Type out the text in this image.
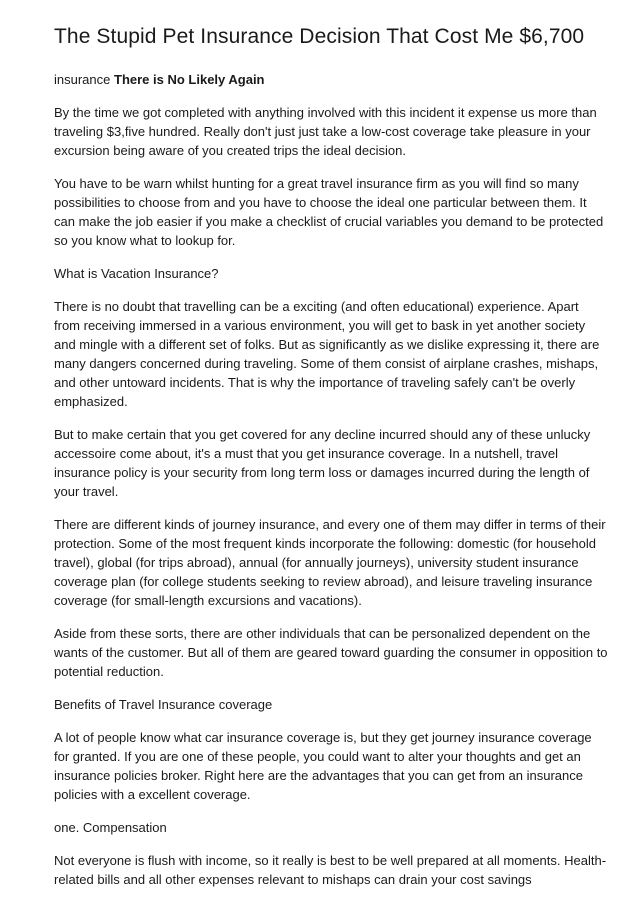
The Stupid Pet Insurance Decision That Cost Me $6,700
insurance There is No Likely Again

By the time we got completed with anything involved with this incident it expense us more than traveling $3,five hundred. Really don't just just take a low-cost coverage take pleasure in your excursion being aware of you created trips the ideal decision.

You have to be warn whilst hunting for a great travel insurance firm as you will find so many possibilities to choose from and you have to choose the ideal one particular between them. It can make the job easier if you make a checklist of crucial variables you demand to be protected so you know what to lookup for.

What is Vacation Insurance?

There is no doubt that travelling can be a exciting (and often educational) experience. Apart from receiving immersed in a various environment, you will get to bask in yet another society and mingle with a different set of folks. But as significantly as we dislike expressing it, there are many dangers concerned during traveling. Some of them consist of airplane crashes, mishaps, and other untoward incidents. That is why the importance of traveling safely can't be overly emphasized.

But to make certain that you get covered for any decline incurred should any of these unlucky accessoire come about, it's a must that you get insurance coverage. In a nutshell, travel insurance policy is your security from long term loss or damages incurred during the length of your travel.

There are different kinds of journey insurance, and every one of them may differ in terms of their protection. Some of the most frequent kinds incorporate the following: domestic (for household travel), global (for trips abroad), annual (for annually journeys), university student insurance coverage plan (for college students seeking to review abroad), and leisure traveling insurance coverage (for small-length excursions and vacations).

Aside from these sorts, there are other individuals that can be personalized dependent on the wants of the customer. But all of them are geared toward guarding the consumer in opposition to potential reduction.

Benefits of Travel Insurance coverage

A lot of people know what car insurance coverage is, but they get journey insurance coverage for granted. If you are one of these people, you could want to alter your thoughts and get an insurance policies broker. Right here are the advantages that you can get from an insurance policies with a excellent coverage.

one. Compensation

Not everyone is flush with income, so it really is best to be well prepared at all moments. Health-related bills and all other expenses relevant to mishaps can drain your cost savings
